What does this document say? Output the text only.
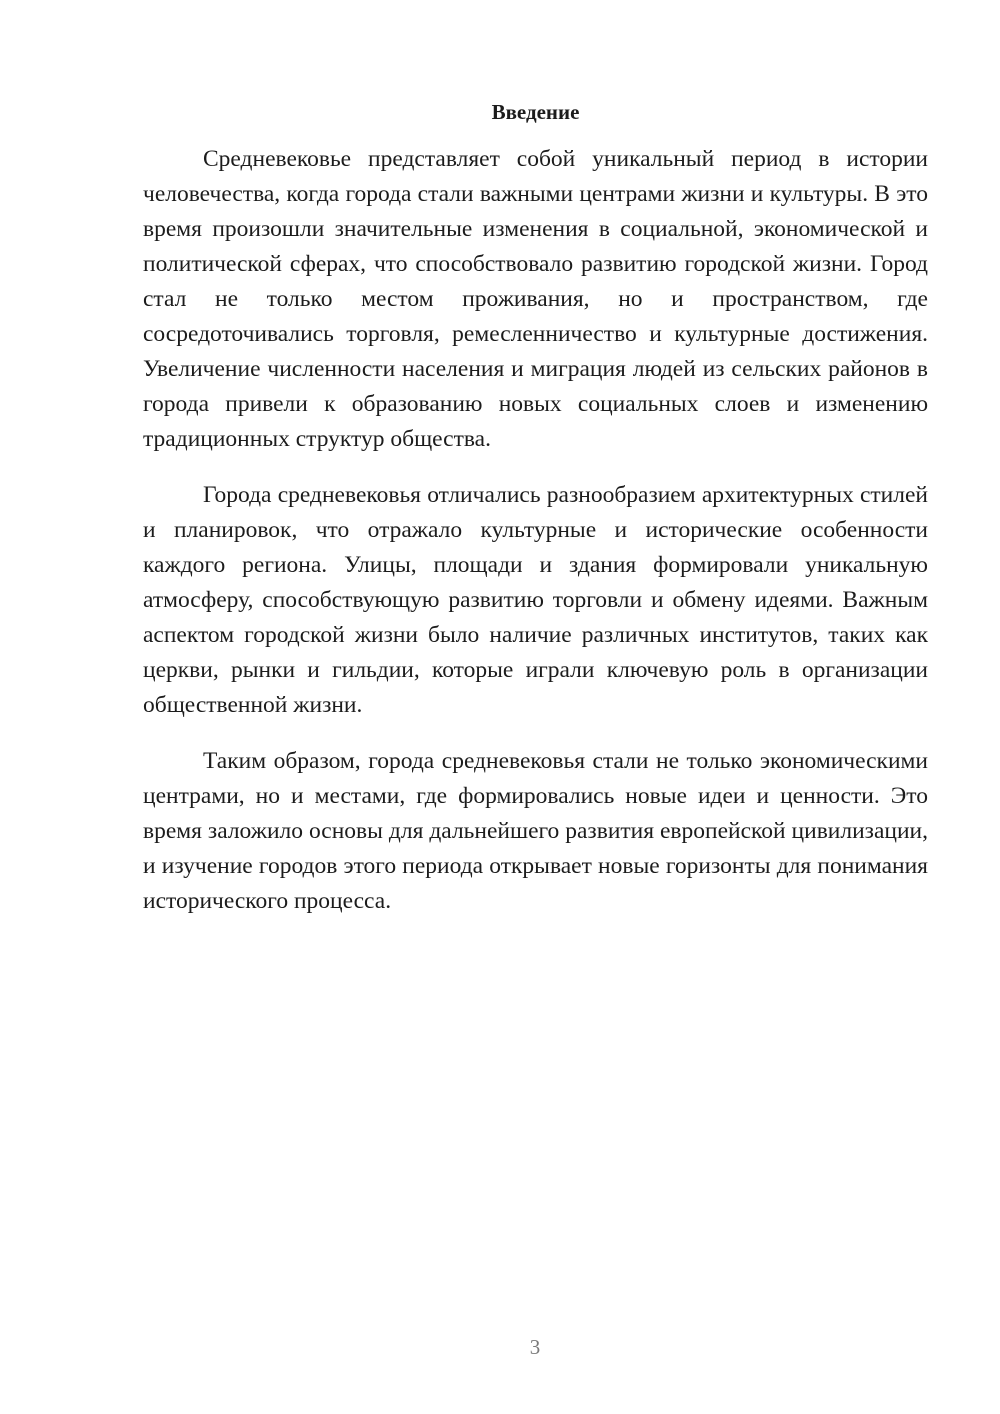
Введение

Средневековье представляет собой уникальный период в истории человечества, когда города стали важными центрами жизни и культуры. В это время произошли значительные изменения в социальной, экономической и политической сферах, что способствовало развитию городской жизни. Город стал не только местом проживания, но и пространством, где сосредоточивались торговля, ремесленничество и культурные достижения. Увеличение численности населения и миграция людей из сельских районов в города привели к образованию новых социальных слоев и изменению традиционных структур общества.

Города средневековья отличались разнообразием архитектурных стилей и планировок, что отражало культурные и исторические особенности каждого региона. Улицы, площади и здания формировали уникальную атмосферу, способствующую развитию торговли и обмену идеями. Важным аспектом городской жизни было наличие различных институтов, таких как церкви, рынки и гильдии, которые играли ключевую роль в организации общественной жизни.

Таким образом, города средневековья стали не только экономическими центрами, но и местами, где формировались новые идеи и ценности. Это время заложило основы для дальнейшего развития европейской цивилизации, и изучение городов этого периода открывает новые горизонты для понимания исторического процесса.

3
